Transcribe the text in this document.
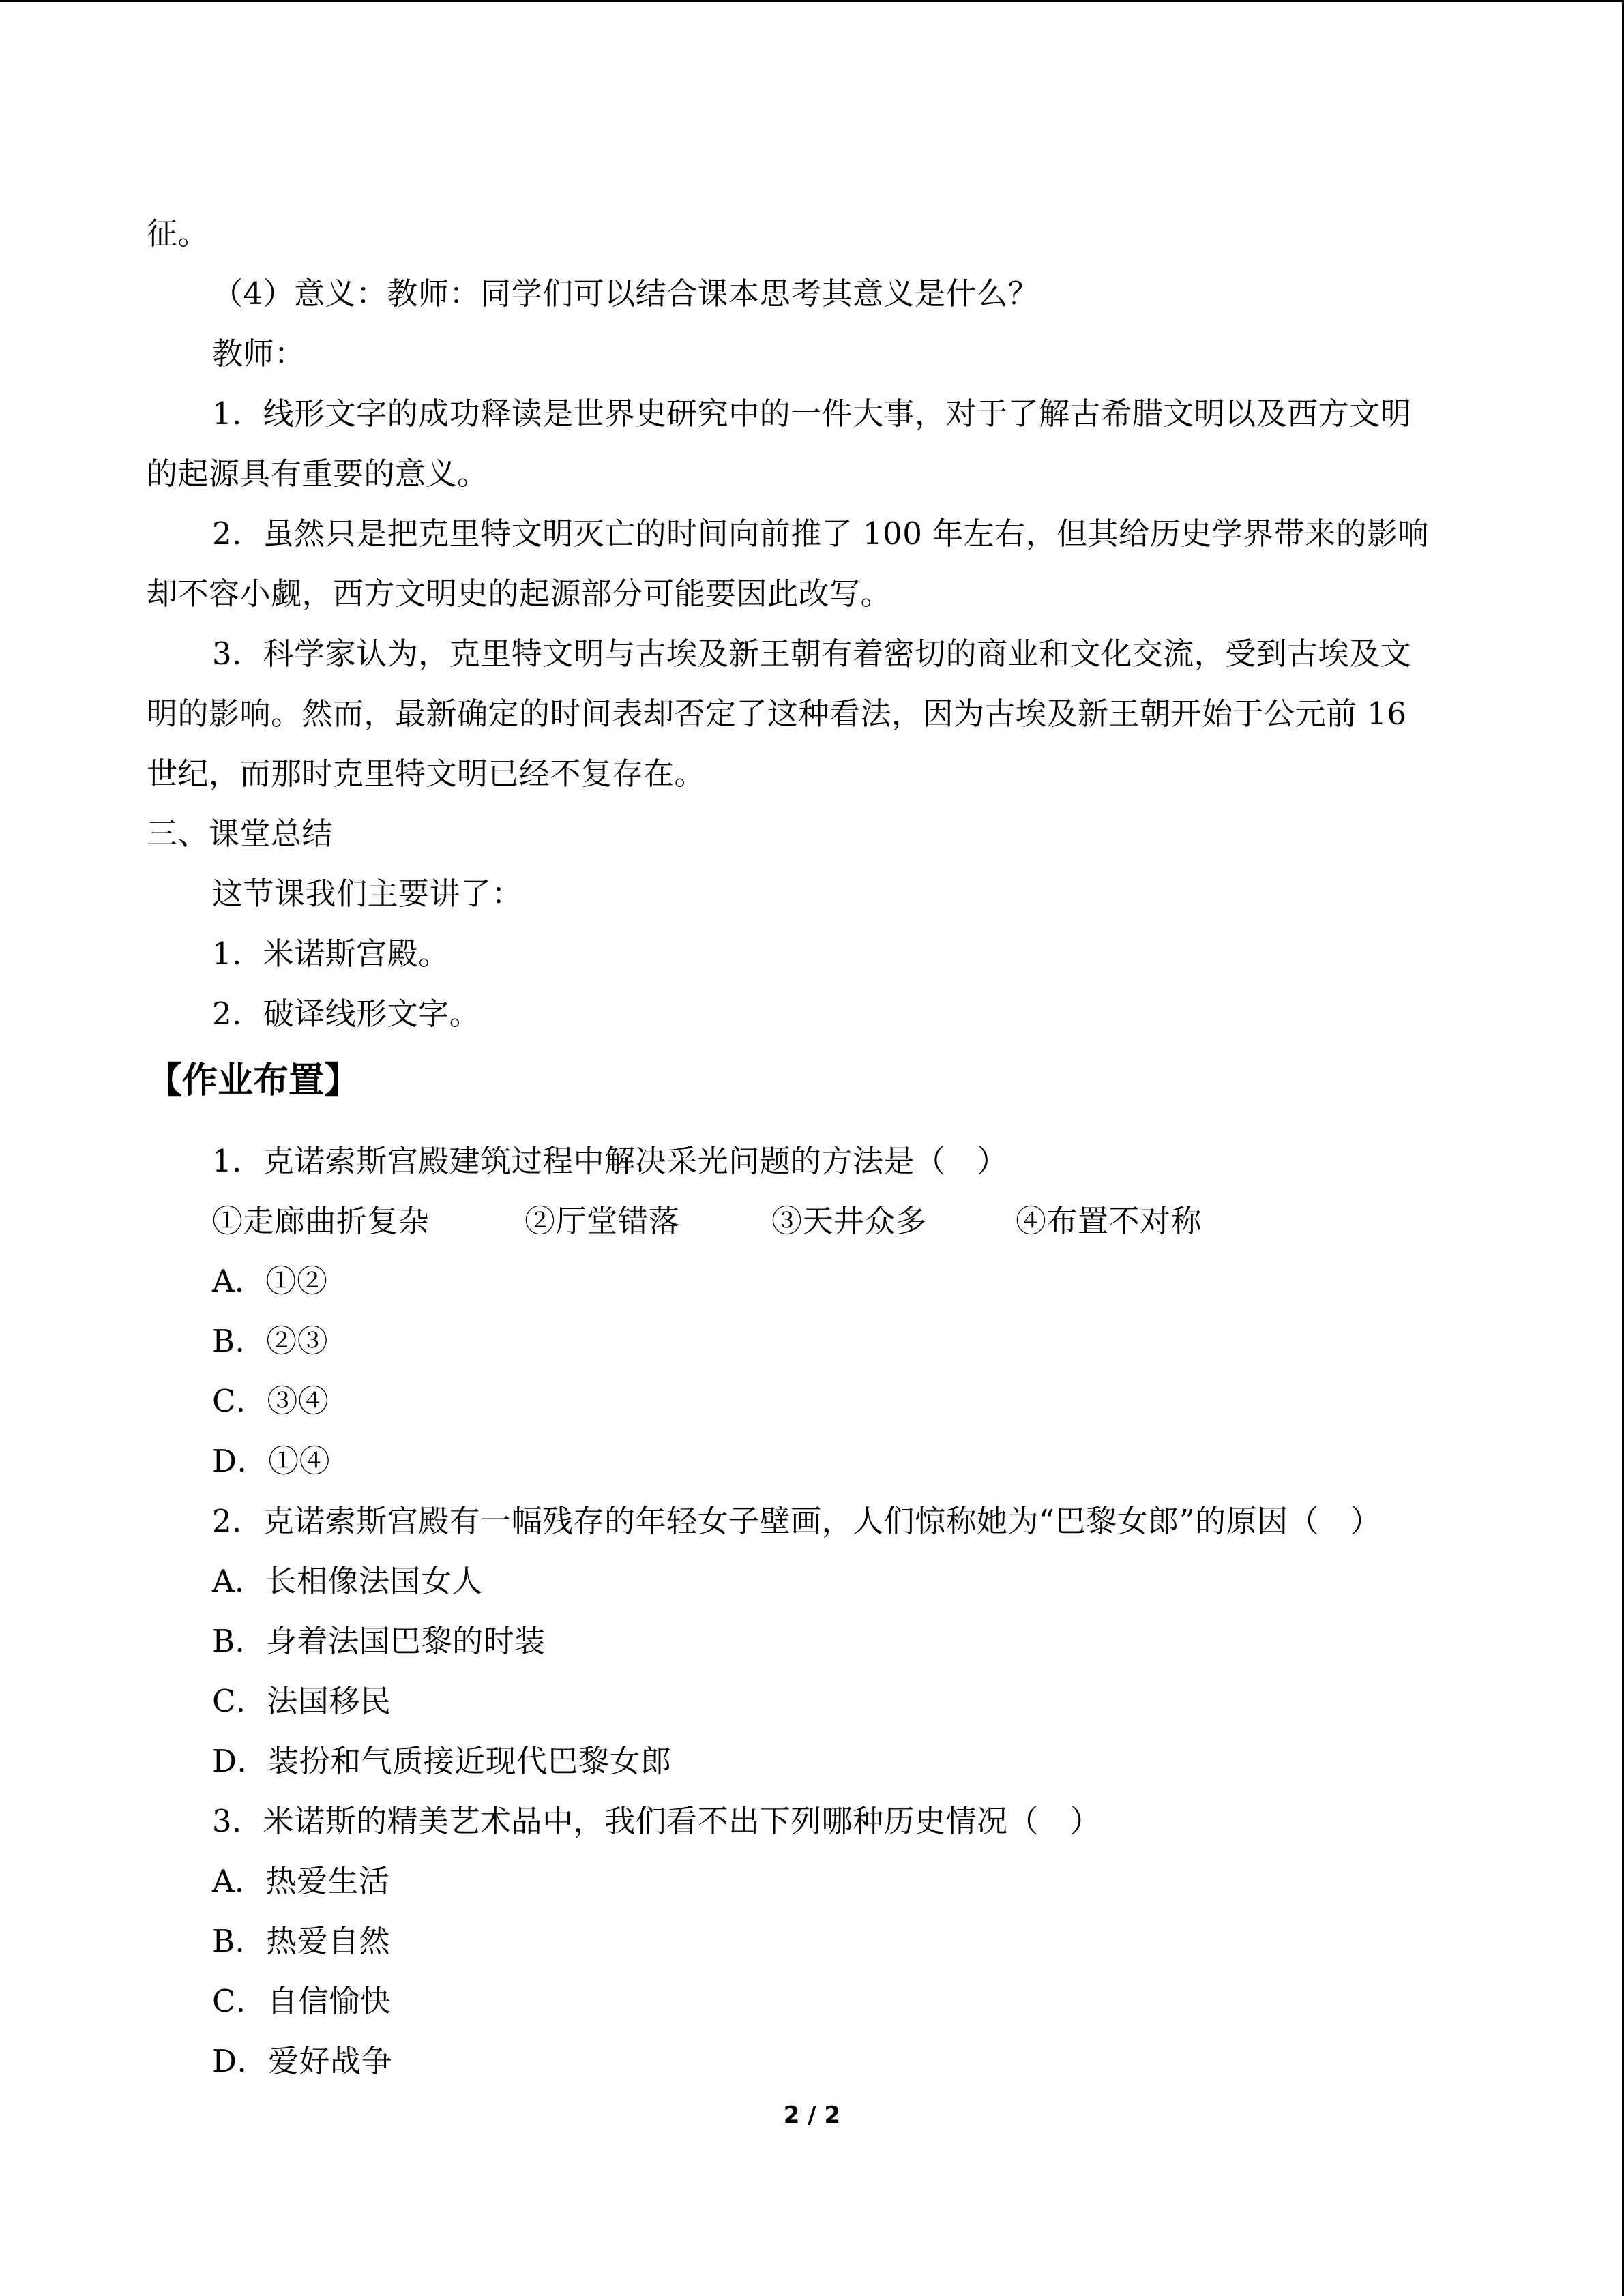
征。
（4）意义：教师：同学们可以结合课本思考其意义是什么？
教师：
1．线形文字的成功释读是世界史研究中的一件大事，对于了解古希腊文明以及西方文明
的起源具有重要的意义。
2．虽然只是把克里特文明灭亡的时间向前推了 100 年左右，但其给历史学界带来的影响
却不容小觑，西方文明史的起源部分可能要因此改写。
3．科学家认为，克里特文明与古埃及新王朝有着密切的商业和文化交流，受到古埃及文
明的影响。然而，最新确定的时间表却否定了这种看法，因为古埃及新王朝开始于公元前 16
世纪，而那时克里特文明已经不复存在。
三、课堂总结
这节课我们主要讲了：
1．米诺斯宫殿。
2．破译线形文字。
【作业布置】
1．克诺索斯宫殿建筑过程中解决采光问题的方法是（　）
①走廊曲折复杂	②厅堂错落	③天井众多	④布置不对称
A．①②
B．②③
C．③④
D．①④
2．克诺索斯宫殿有一幅残存的年轻女子壁画，人们惊称她为“巴黎女郎”的原因（　）
A．长相像法国女人
B．身着法国巴黎的时装
C．法国移民
D．装扮和气质接近现代巴黎女郎
3．米诺斯的精美艺术品中，我们看不出下列哪种历史情况（　）
A．热爱生活
B．热爱自然
C．自信愉快
D．爱好战争
2 / 2
